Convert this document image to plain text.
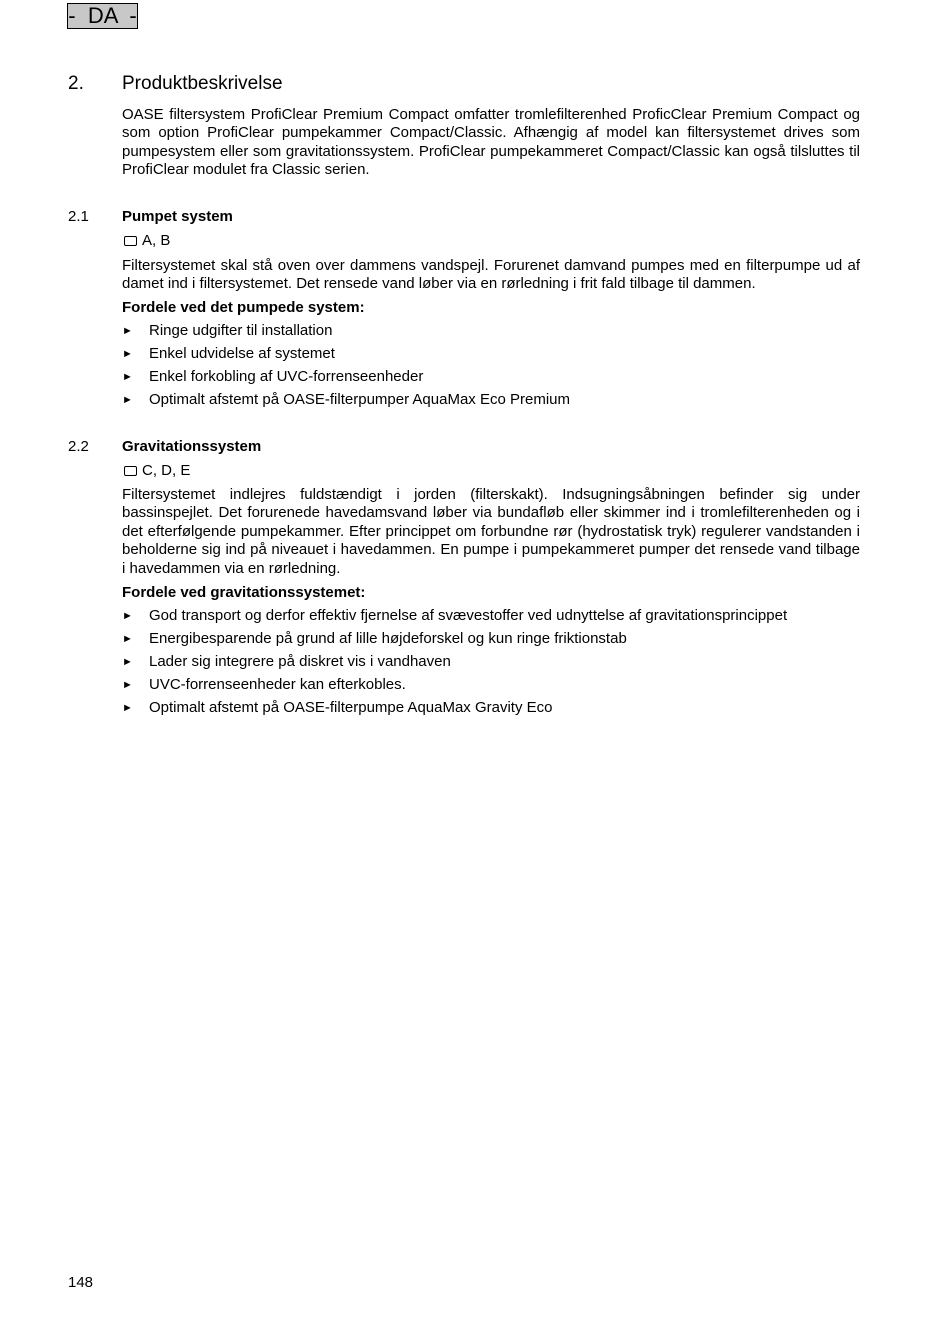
-  DA  -
2. Produktbeskrivelse
OASE filtersystem ProfiClear Premium Compact omfatter tromlefilterenhed ProficClear Premium Compact og som option ProfiClear pumpekammer Compact/Classic. Afhængig af model kan filtersystemet drives som pumpesystem eller som gravitationssystem. ProfiClear pumpekammeret Compact/Classic kan også tilsluttes til ProfiClear modulet fra Classic serien.
2.1 Pumpet system
A, B
Filtersystemet skal stå oven over dammens vandspejl. Forurenet damvand pumpes med en filterpumpe ud af damet ind i filtersystemet. Det rensede vand løber via en rørledning i frit fald tilbage til dammen.
Fordele ved det pumpede system:
►	Ringe udgifter til installation
►	Enkel udvidelse af systemet
►	Enkel forkobling af UVC-forrenseenheder
►	Optimalt afstemt på OASE-filterpumper AquaMax Eco Premium
2.2 Gravitationssystem
C, D, E
Filtersystemet indlejres fuldstændigt i jorden (filterskakt). Indsugningsåbningen befinder sig under bassinspejlet. Det forurenede havedamsvand løber via bundafløb eller skimmer ind i tromlefilterenheden og i det efterfølgende pumpekammer. Efter princippet om forbundne rør (hydrostatisk tryk) regulerer vandstanden i beholderne sig ind på niveauet i havedammen. En pumpe i pumpekammeret pumper det rensede vand tilbage i havedammen via en rørledning.
Fordele ved gravitationssystemet:
►	God transport og derfor effektiv fjernelse af svævestoffer ved udnyttelse af gravitationsprincippet
►	Energibesparende på grund af lille højdeforskel og kun ringe friktionstab
►	Lader sig integrere på diskret vis i vandhaven
►	UVC-forrenseenheder kan efterkobles.
►	Optimalt afstemt på OASE-filterpumpe AquaMax Gravity Eco
148
